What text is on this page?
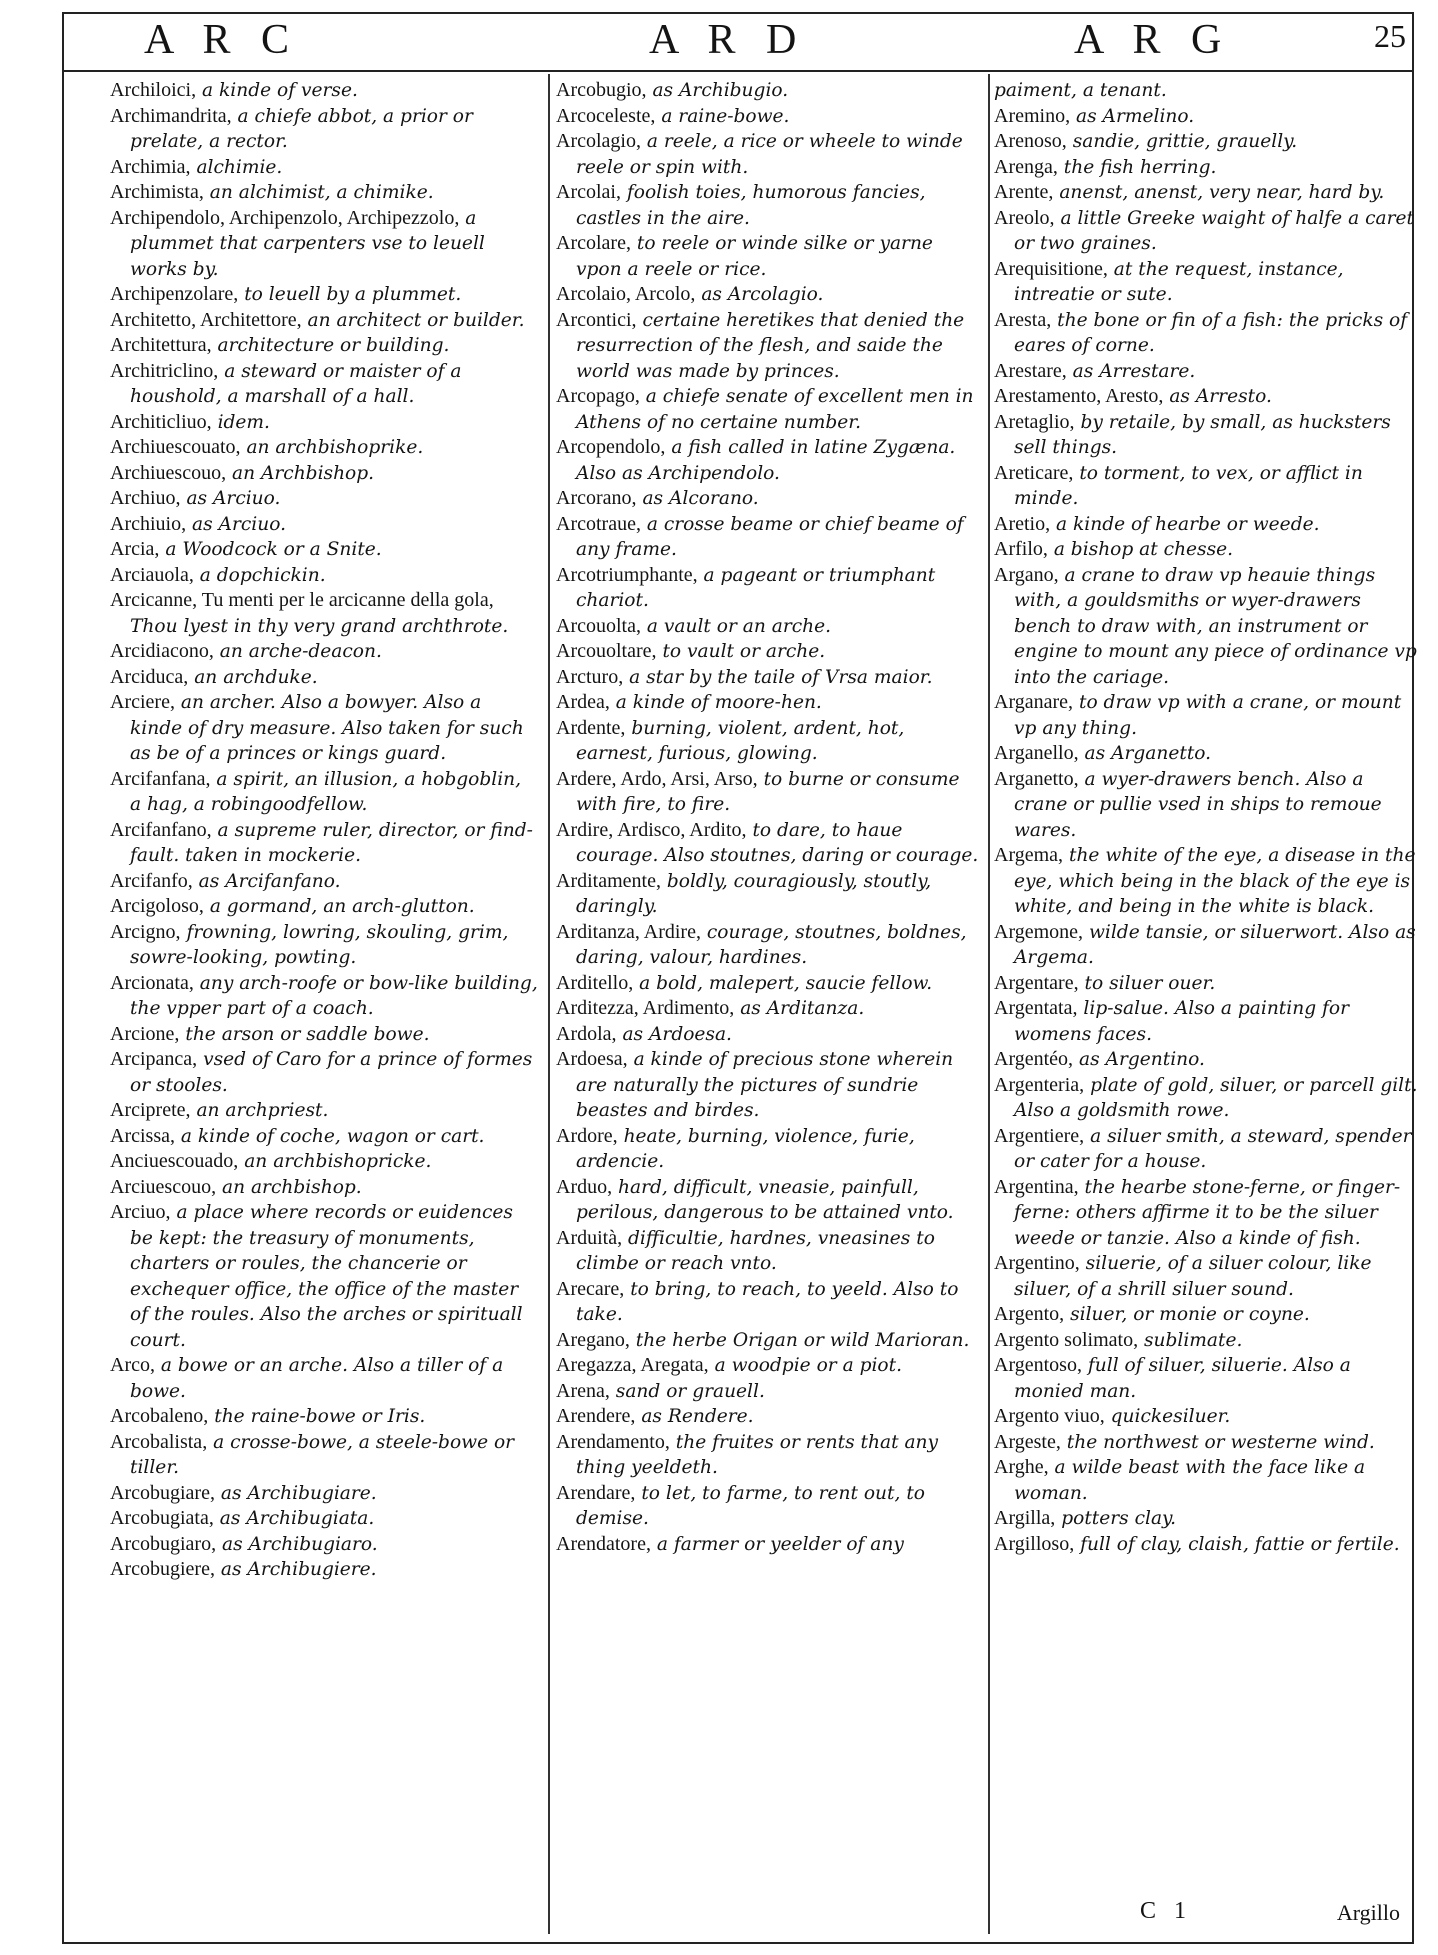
A R C	A R D	A R G	25

Archiloici, a kinde of verse.

Archimandrita, a chiefe abbot, a prior or prelate, a rector.

Archimia, alchimie.

Archimista, an alchimist, a chimike.

Archipendolo, Archipenzolo, Archipezzolo, a plummet that carpenters vse to leuell works by.

Archipenzolare, to leuell by a plummet.

Architetto, Architettore, an architect or builder.

Architettura, architecture or building.

Architriclino, a steward or maister of a houshold, a marshall of a hall.

Architicliuo, idem.

Archiuescouato, an archbishoprike.

Archiuescouo, an Archbishop.

Archiuo, as Arciuo.

Archiuio, as Arciuo.

Arcia, a Woodcock or a Snite.

Arciauola, a dopchickin.

Arcicanne, Tu menti per le arcicanne della gola, Thou lyest in thy very grand archthrote.

Arcidiacono, an arche-deacon.

Arciduca, an archduke.

Arciere, an archer. Also a bowyer. Also a kinde of dry measure. Also taken for such as be of a princes or kings guard.

Arcifanfana, a spirit, an illusion, a hobgoblin, a hag, a robingoodfellow.

Arcifanfano, a supreme ruler, director, or find-fault. taken in mockerie.

Arcifanfo, as Arcifanfano.

Arcigoloso, a gormand, an arch-glutton.

Arcigno, frowning, lowring, skouling, grim, sowre-looking, powting.

Arcionata, any arch-roofe or bow-like building, the vpper part of a coach.

Arcione, the arson or saddle bowe.

Arcipanca, vsed of Caro for a prince of formes or stooles.

Arciprete, an archpriest.

Arcissa, a kinde of coche, wagon or cart.

Anciuescouado, an archbishopricke.

Arciuescouo, an archbishop.

Arciuo, a place where records or euidences be kept: the treasury of monuments, charters or roules, the chancerie or exchequer office, the office of the master of the roules. Also the arches or spirituall court.

Arco, a bowe or an arche. Also a tiller of a bowe.

Arcobaleno, the raine-bowe or Iris.

Arcobalista, a crosse-bowe, a steele-bowe or tiller.

Arcobugiare, as Archibugiare.

Arcobugiata, as Archibugiata.

Arcobugiaro, as Archibugiaro.

Arcobugiere, as Archibugiere.

Arcobugio, as Archibugio.

Arcoceleste, a raine-bowe.

Arcolagio, a reele, a rice or wheele to winde reele or spin with.

Arcolai, foolish toies, humorous fancies, castles in the aire.

Arcolare, to reele or winde silke or yarne vpon a reele or rice.

Arcolaio, Arcolo, as Arcolagio.

Arcontici, certaine heretikes that denied the resurrection of the flesh, and saide the world was made by princes.

Arcopago, a chiefe senate of excellent men in Athens of no certaine number.

Arcopendolo, a fish called in latine Zygæna. Also as Archipendolo.

Arcorano, as Alcorano.

Arcotraue, a crosse beame or chief beame of any frame.

Arcotriumphante, a pageant or triumphant chariot.

Arcouolta, a vault or an arche.

Arcouoltare, to vault or arche.

Arcturo, a star by the taile of Vrsa maior.

Ardea, a kinde of moore-hen.

Ardente, burning, violent, ardent, hot, earnest, furious, glowing.

Ardere, Ardo, Arsi, Arso, to burne or consume with fire, to fire.

Ardire, Ardisco, Ardito, to dare, to haue courage. Also stoutnes, daring or courage.

Arditamente, boldly, couragiously, stoutly, daringly.

Arditanza, Ardire, courage, stoutnes, boldnes, daring, valour, hardines.

Arditello, a bold, malepert, saucie fellow.

Arditezza, Ardimento, as Arditanza.

Ardola, as Ardoesa.

Ardoesa, a kinde of precious stone wherein are naturally the pictures of sundrie beastes and birdes.

Ardore, heate, burning, violence, furie, ardencie.

Arduo, hard, difficult, vneasie, painfull, perilous, dangerous to be attained vnto.

Arduità, difficultie, hardnes, vneasines to climbe or reach vnto.

Arecare, to bring, to reach, to yeeld. Also to take.

Aregano, the herbe Origan or wild Marioran.

Aregazza, Aregata, a woodpie or a piot.

Arena, sand or grauell.

Arendere, as Rendere.

Arendamento, the fruites or rents that any thing yeeldeth.

Arendare, to let, to farme, to rent out, to demise.

Arendatore, a farmer or yeelder of any

paiment, a tenant.

Aremino, as Armelino.

Arenoso, sandie, grittie, grauelly.

Arenga, the fish herring.

Arente, anenst, anenst, very near, hard by.

Areolo, a little Greeke waight of halfe a caret or two graines.

Arequisitione, at the request, instance, intreatie or sute.

Aresta, the bone or fin of a fish: the pricks of eares of corne.

Arestare, as Arrestare.

Arestamento, Aresto, as Arresto.

Aretaglio, by retaile, by small, as hucksters sell things.

Areticare, to torment, to vex, or afflict in minde.

Aretio, a kinde of hearbe or weede.

Arfilo, a bishop at chesse.

Argano, a crane to draw vp heauie things with, a gouldsmiths or wyer-drawers bench to draw with, an instrument or engine to mount any piece of ordinance vp into the cariage.

Arganare, to draw vp with a crane, or mount vp any thing.

Arganello, as Arganetto.

Arganetto, a wyer-drawers bench. Also a crane or pullie vsed in ships to remoue wares.

Argema, the white of the eye, a disease in the eye, which being in the black of the eye is white, and being in the white is black.

Argemone, wilde tansie, or siluerwort. Also as Argema.

Argentare, to siluer ouer.

Argentata, lip-salue. Also a painting for womens faces.

Argentéo, as Argentino.

Argenteria, plate of gold, siluer, or parcell gilt. Also a goldsmith rowe.

Argentiere, a siluer smith, a steward, spender or cater for a house.

Argentina, the hearbe stone-ferne, or finger-ferne: others affirme it to be the siluer weede or tanzie. Also a kinde of fish.

Argentino, siluerie, of a siluer colour, like siluer, of a shrill siluer sound.

Argento, siluer, or monie or coyne.

Argento solimato, sublimate.

Argentoso, full of siluer, siluerie. Also a monied man.

Argento viuo, quickesiluer.

Argeste, the northwest or westerne wind.

Arghe, a wilde beast with the face like a woman.

Argilla, potters clay.

Argilloso, full of clay, claish, fattie or fertile.

C 1	Argillo
